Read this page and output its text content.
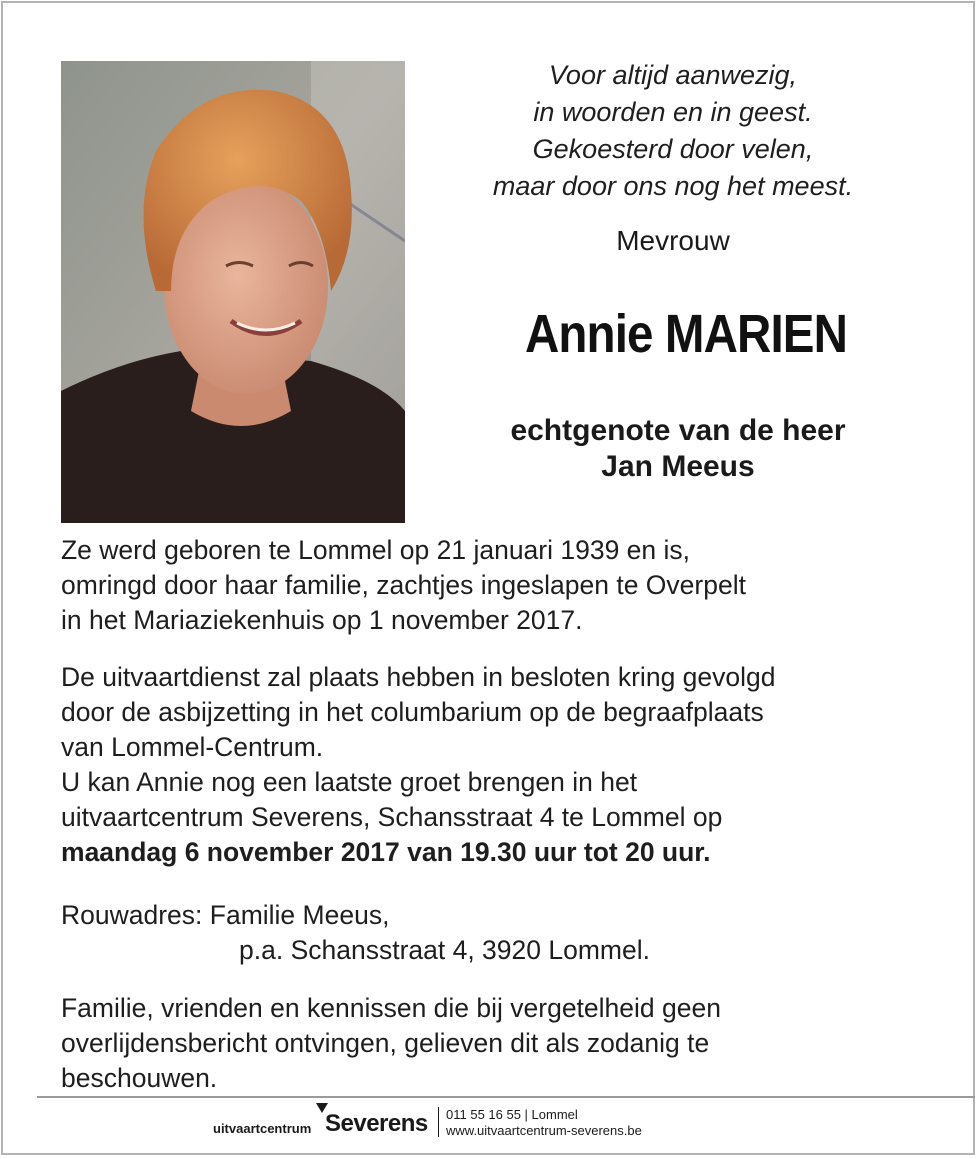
Voor altijd aanwezig,
in woorden en in geest.
Gekoesterd door velen,
maar door ons nog het meest.
Mevrouw
Annie MARIEN
echtgenote van de heer
Jan Meeus
Ze werd geboren te Lommel op 21 januari 1939 en is,
omringd door haar familie, zachtjes ingeslapen te Overpelt
in het Mariaziekenhuis op 1 november 2017.
De uitvaartdienst zal plaats hebben in besloten kring gevolgd
door de asbijzetting in het columbarium op de begraafplaats
van Lommel-Centrum.
U kan Annie nog een laatste groet brengen in het
uitvaartcentrum Severens, Schansstraat 4 te Lommel op
maandag 6 november 2017 van 19.30 uur tot 20 uur.
Rouwadres: Familie Meeus,
p.a. Schansstraat 4, 3920 Lommel.
Familie, vrienden en kennissen die bij vergetelheid geen
overlijdensbericht ontvingen, gelieven dit als zodanig te
beschouwen.
uitvaartcentrum Severens 011 55 16 55 | Lommel
www.uitvaartcentrum-severens.be
